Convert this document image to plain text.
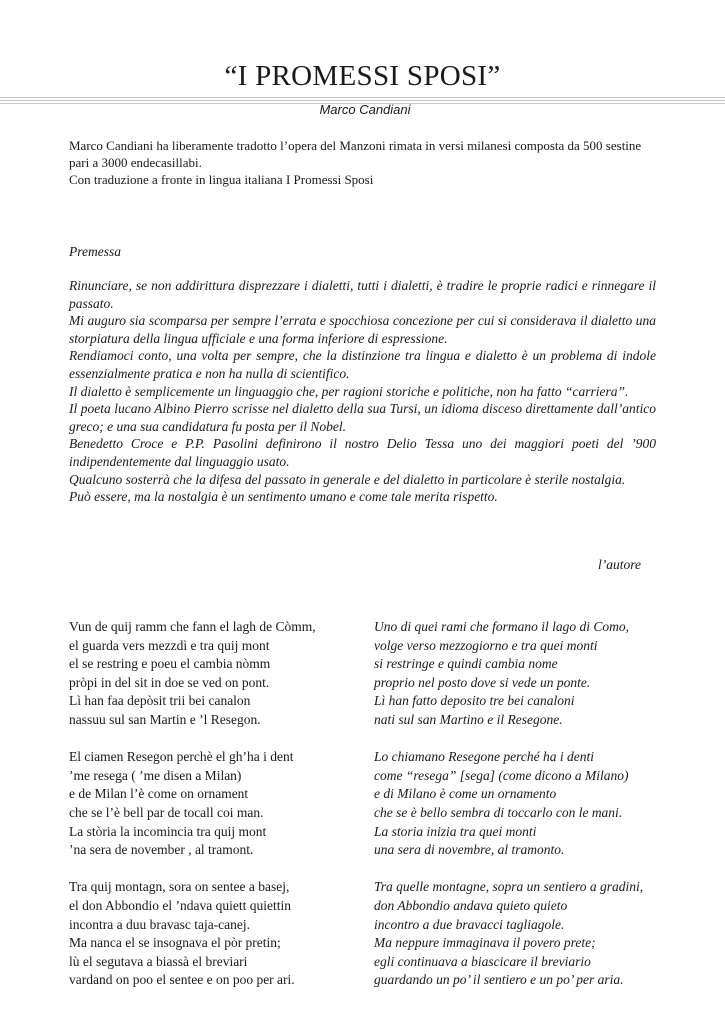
“I PROMESSI SPOSI”
Marco Candiani
Marco Candiani ha liberamente tradotto l’opera del Manzoni rimata in versi milanesi composta da 500 sestine
pari a 3000 endecasillabi.
Con traduzione a fronte in lingua italiana I Promessi Sposi
Premessa

Rinunciare, se non addirittura disprezzare i dialetti, tutti i dialetti, è tradire le proprie radici e rinnegare il passato.

Mi auguro sia scomparsa per sempre l’errata e spocchiosa concezione per cui si considerava il dialetto una storpiatura della lingua ufficiale e una forma inferiore di espressione.

Rendiamoci conto, una volta per sempre, che la distinzione tra lingua e dialetto è un problema di indole essenzialmente pratica e non ha nulla di scientifico.

Il dialetto è semplicemente un linguaggio che, per ragioni storiche e politiche, non ha fatto “carriera”.

Il poeta lucano Albino Pierro scrisse nel dialetto della sua Tursi, un idioma disceso direttamente dall’antico greco; e una sua candidatura fu posta per il Nobel.

Benedetto Croce e P.P. Pasolini definirono il nostro Delio Tessa uno dei maggiori poeti del ’900 indipendentemente dal linguaggio usato.

Qualcuno sosterrà che la difesa del passato in generale e del dialetto in particolare è sterile nostalgia.

Può essere, ma la nostalgia è un sentimento umano e come tale merita rispetto.

l’autore
Vun de quij ramm che fann el lagh de Còmm,
el guarda vers mezzdì e tra quij mont
el se restring e poeu el cambia nòmm
pròpi in del sit in doe se ved on pont.
Lì han faa depòsit trii bei canalon
nassuu sul san Martin e ’l Resegon.
El ciamen Resegon perchè el gh’ha i dent
’me resega ( ’me disen a Milan)
e de Milan l’è come on ornament
che se l’è bell par de tocall coi man.
La stòria la incomincia tra quij mont
’na sera de november , al tramont.
Tra quij montagn, sora on sentee a basej,
el don Abbondio el ’ndava quiett quiettin
incontra a duu bravasc taja-canej.
Ma nanca el se insognava el pòr pretin;
lù el segutava a biassà el breviari
vardand on poo el sentee e on poo per ari.
Uno di quei rami che formano il lago di Como,
volge verso mezzogiorno e tra quei monti
si restringe e quindi cambia nome
proprio nel posto dove si vede un ponte.
Lì han fatto deposito tre bei canaloni
nati sul san Martino e il Resegone.
Lo chiamano Resegone perché ha i denti
come “resega” [sega] (come dicono a Milano)
e di Milano è come un ornamento
che se è bello sembra di toccarlo con le mani.
La storia inizia tra quei monti
una sera di novembre, al tramonto.
Tra quelle montagne, sopra un sentiero a gradini,
don Abbondio andava quieto quieto
incontro a due bravacci tagliagole.
Ma neppure immaginava il povero prete;
egli continuava a biascicare il breviario
guardando un po’ il sentiero e un po’ per aria.
